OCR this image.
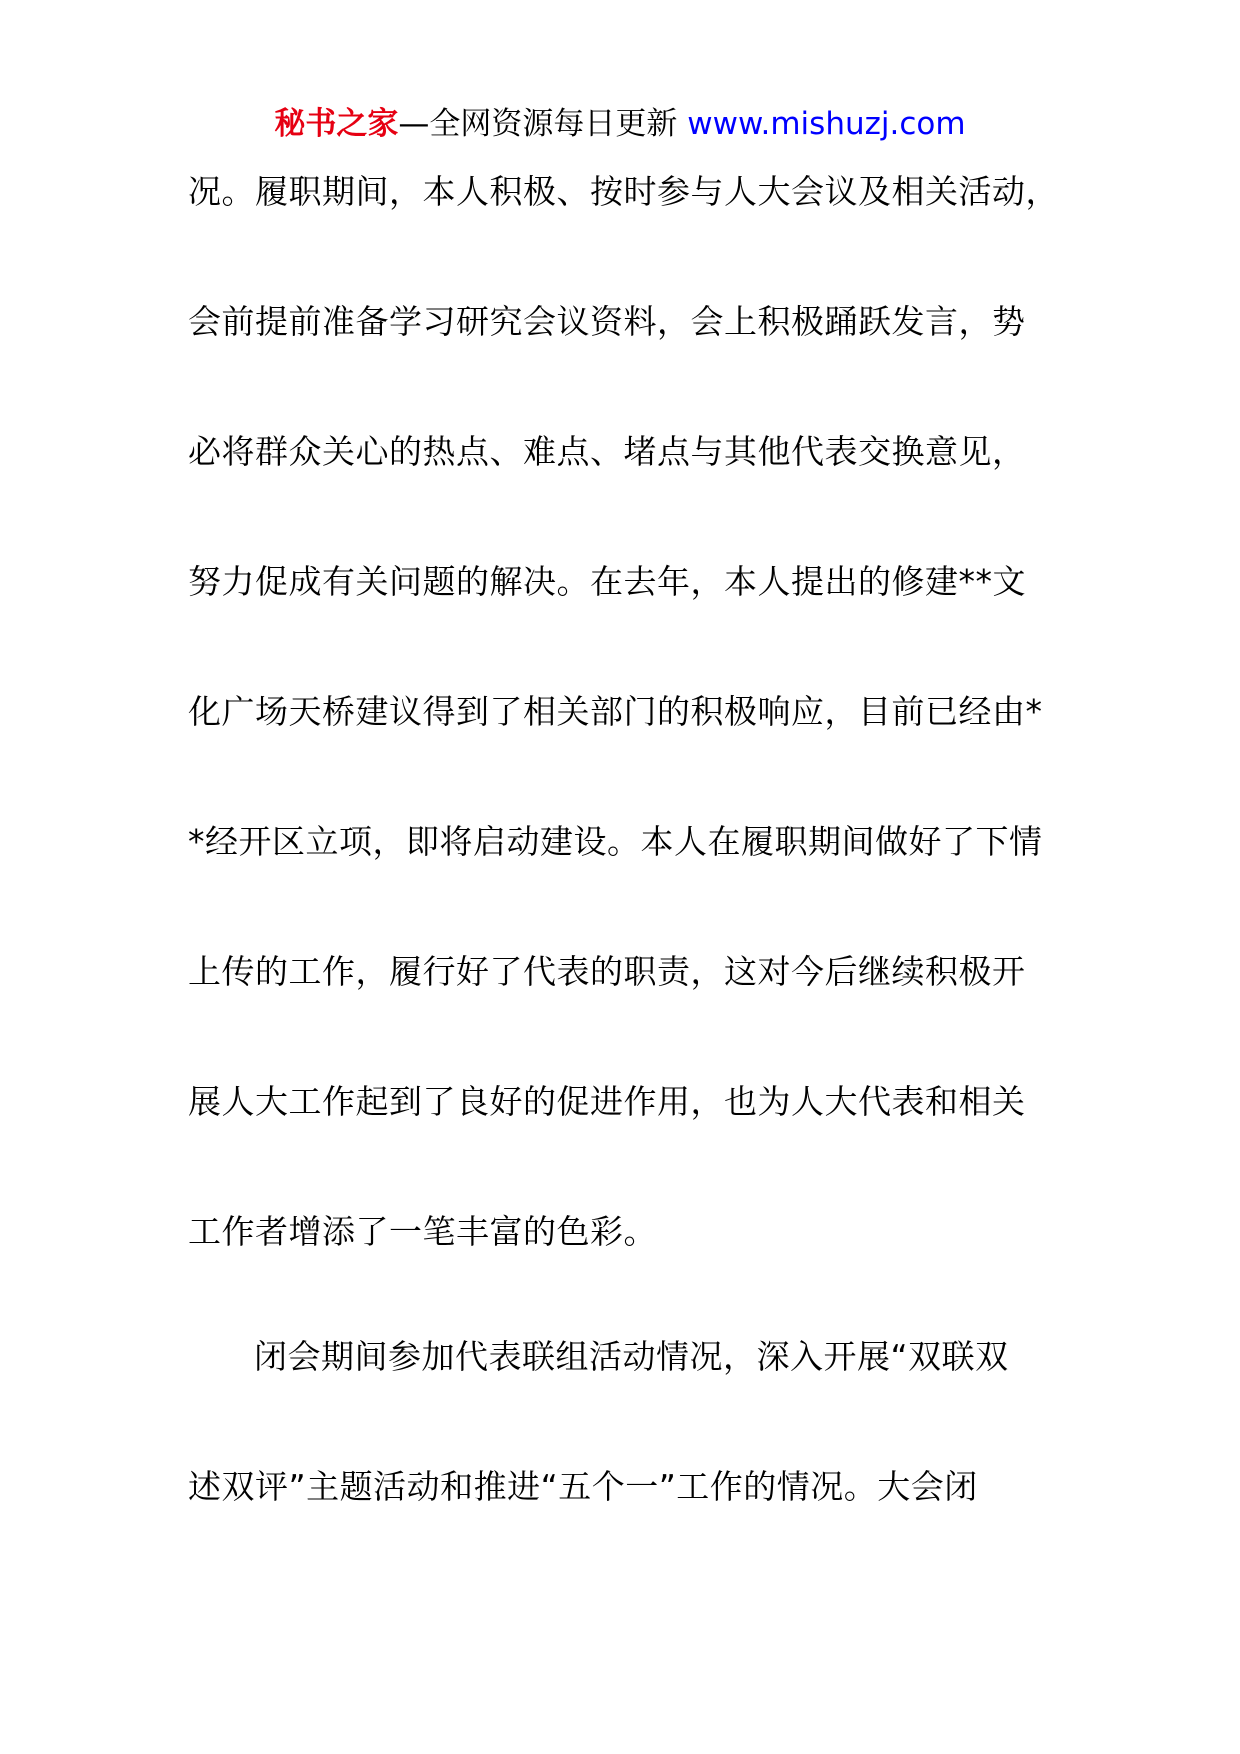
秘书之家—全网资源每日更新 www.mishuzj.com
况。履职期间，本人积极、按时参与人大会议及相关活动，
会前提前准备学习研究会议资料，会上积极踊跃发言，势
必将群众关心的热点、难点、堵点与其他代表交换意见，
努力促成有关问题的解决。在去年，本人提出的修建**文
化广场天桥建议得到了相关部门的积极响应，目前已经由*
*经开区立项，即将启动建设。本人在履职期间做好了下情
上传的工作，履行好了代表的职责，这对今后继续积极开
展人大工作起到了良好的促进作用，也为人大代表和相关
工作者增添了一笔丰富的色彩。
闭会期间参加代表联组活动情况，深入开展“双联双
述双评”主题活动和推进“五个一”工作的情况。大会闭
